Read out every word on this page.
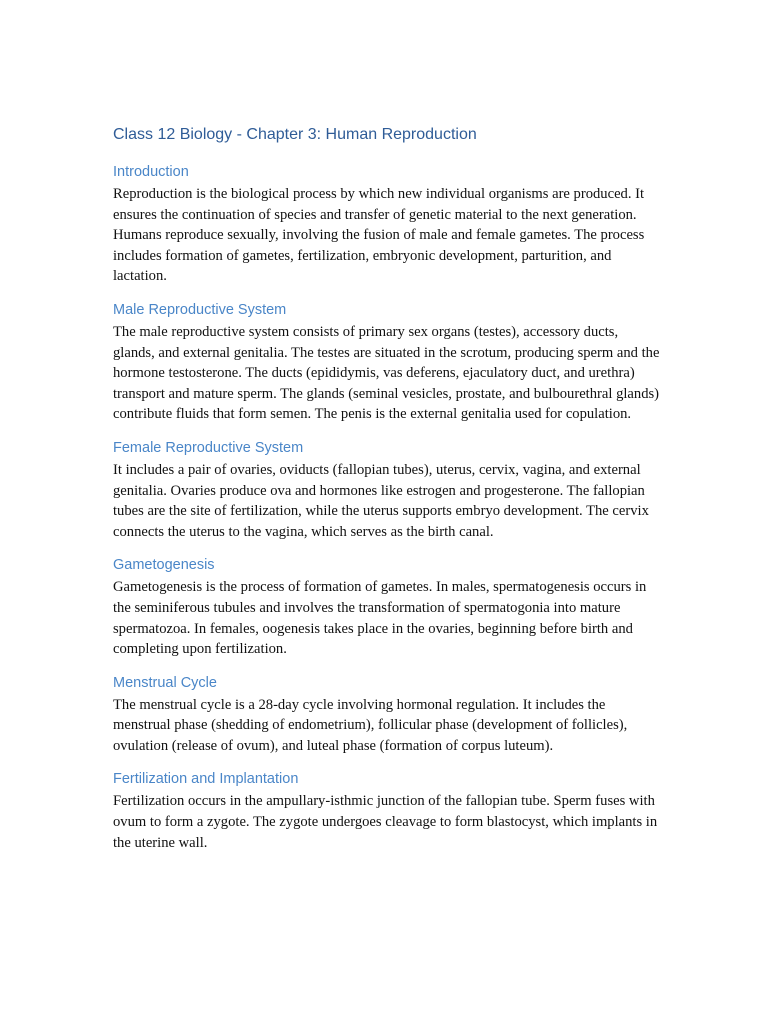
Class 12 Biology - Chapter 3: Human Reproduction
Introduction

Reproduction is the biological process by which new individual organisms are produced. It ensures the continuation of species and transfer of genetic material to the next generation. Humans reproduce sexually, involving the fusion of male and female gametes. The process includes formation of gametes, fertilization, embryonic development, parturition, and lactation.

Male Reproductive System

The male reproductive system consists of primary sex organs (testes), accessory ducts, glands, and external genitalia. The testes are situated in the scrotum, producing sperm and the hormone testosterone. The ducts (epididymis, vas deferens, ejaculatory duct, and urethra) transport and mature sperm. The glands (seminal vesicles, prostate, and bulbourethral glands) contribute fluids that form semen. The penis is the external genitalia used for copulation.

Female Reproductive System

It includes a pair of ovaries, oviducts (fallopian tubes), uterus, cervix, vagina, and external genitalia. Ovaries produce ova and hormones like estrogen and progesterone. The fallopian tubes are the site of fertilization, while the uterus supports embryo development. The cervix connects the uterus to the vagina, which serves as the birth canal.

Gametogenesis

Gametogenesis is the process of formation of gametes. In males, spermatogenesis occurs in the seminiferous tubules and involves the transformation of spermatogonia into mature spermatozoa. In females, oogenesis takes place in the ovaries, beginning before birth and completing upon fertilization.

Menstrual Cycle

The menstrual cycle is a 28-day cycle involving hormonal regulation. It includes the menstrual phase (shedding of endometrium), follicular phase (development of follicles), ovulation (release of ovum), and luteal phase (formation of corpus luteum).

Fertilization and Implantation

Fertilization occurs in the ampullary-isthmic junction of the fallopian tube. Sperm fuses with ovum to form a zygote. The zygote undergoes cleavage to form blastocyst, which implants in the uterine wall.
